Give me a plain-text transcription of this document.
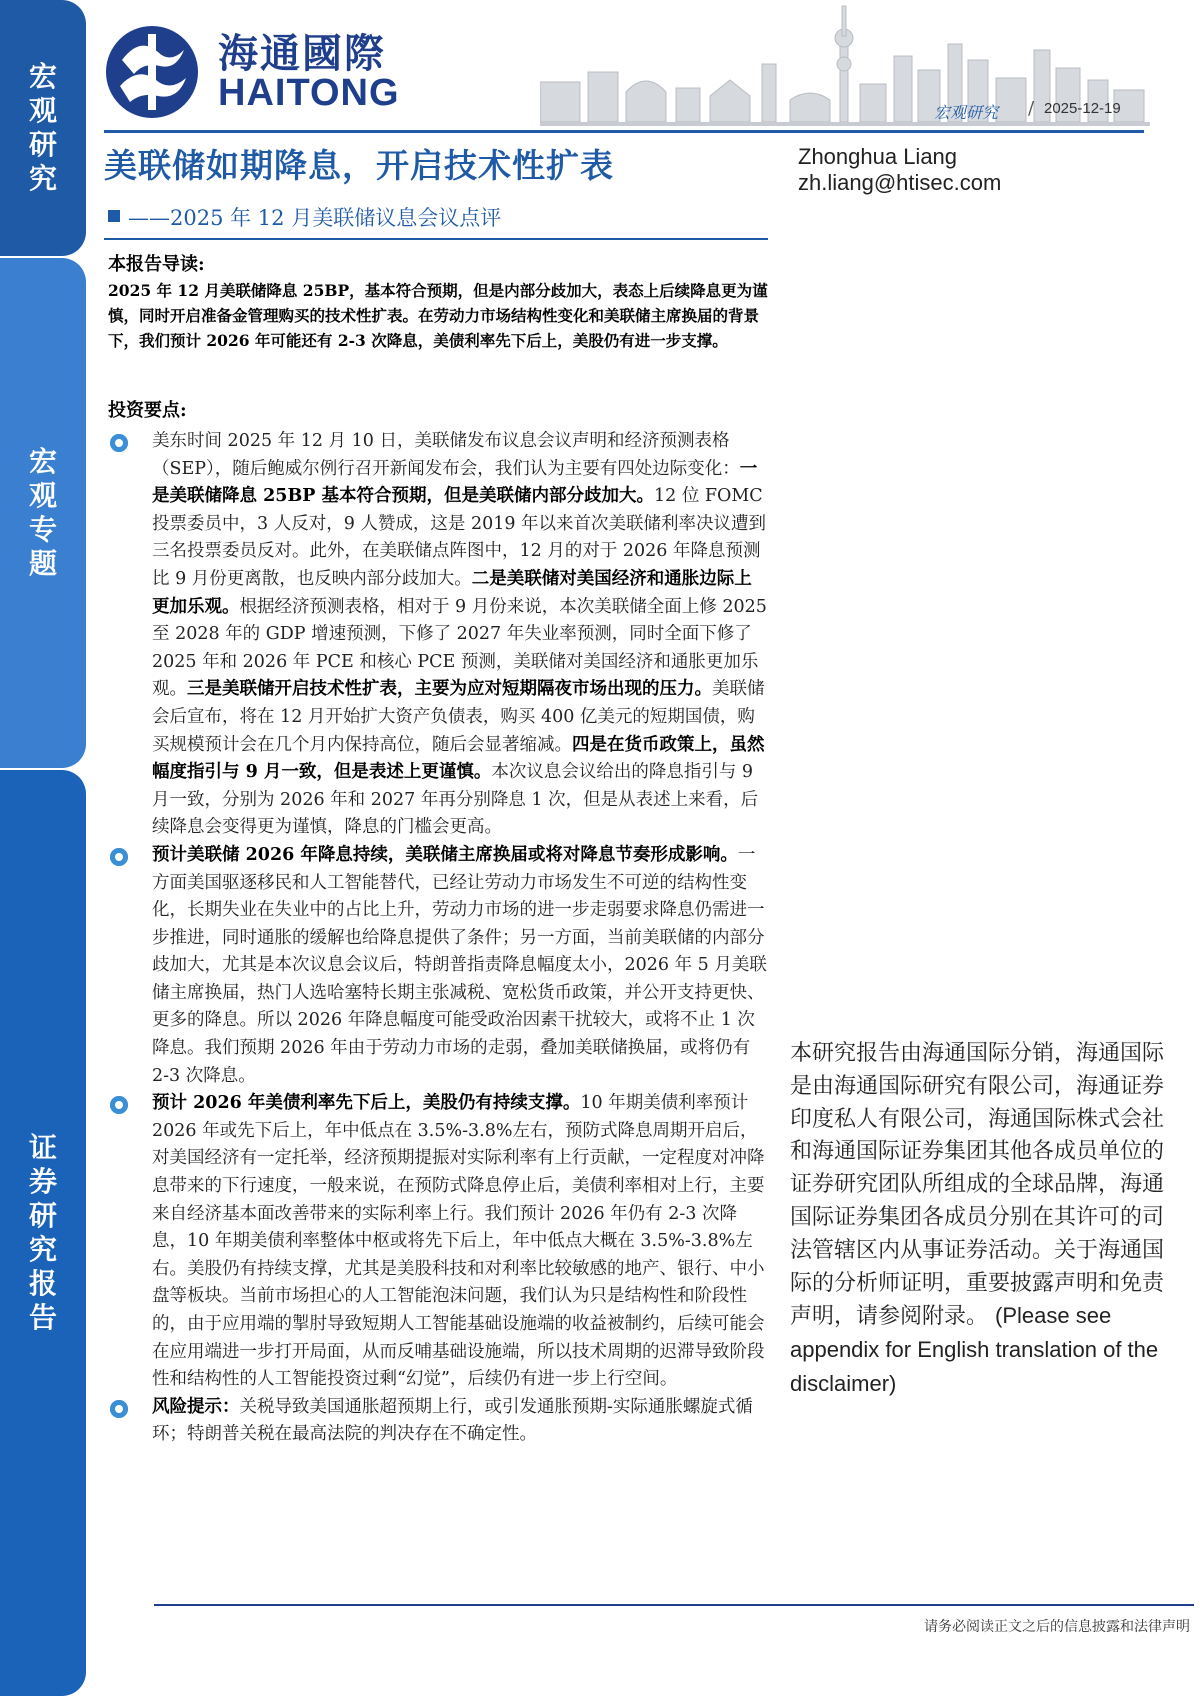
宏
观
研
究
宏
观
专
题
证
券
研
究
报
告
海通國際
HAITONG	宏观研究 / 2025-12-19
美联储如期降息，开启技术性扩表
——2025 年 12 月美联储议息会议点评
Zhonghua Liang
zh.liang@htisec.com
本报告导读:
2025 年 12 月美联储降息 25BP，基本符合预期，但是内部分歧加大，表态上后续降息更为谨慎，同时开启准备金管理购买的技术性扩表。在劳动力市场结构性变化和美联储主席换届的背景下，我们预计 2026 年可能还有 2-3 次降息，美债利率先下后上，美股仍有进一步支撑。
投资要点:
美东时间 2025 年 12 月 10 日，美联储发布议息会议声明和经济预测表格（SEP），随后鲍威尔例行召开新闻发布会，我们认为主要有四处边际变化：一是美联储降息 25BP 基本符合预期，但是美联储内部分歧加大。12 位 FOMC 投票委员中，3 人反对，9 人赞成，这是 2019 年以来首次美联储利率决议遭到三名投票委员反对。此外，在美联储点阵图中，12 月的对于 2026 年降息预测比 9 月份更离散，也反映内部分歧加大。二是美联储对美国经济和通胀边际上更加乐观。根据经济预测表格，相对于 9 月份来说，本次美联储全面上修 2025 至 2028 年的 GDP 增速预测，下修了 2027 年失业率预测，同时全面下修了 2025 年和 2026 年 PCE 和核心 PCE 预测，美联储对美国经济和通胀更加乐观。三是美联储开启技术性扩表，主要为应对短期隔夜市场出现的压力。美联储会后宣布，将在 12 月开始扩大资产负债表，购买 400 亿美元的短期国债，购买规模预计会在几个月内保持高位，随后会显著缩减。四是在货币政策上，虽然幅度指引与 9 月一致，但是表述上更谨慎。本次议息会议给出的降息指引与 9 月一致，分别为 2026 年和 2027 年再分别降息 1 次，但是从表述上来看，后续降息会变得更为谨慎，降息的门槛会更高。
预计美联储 2026 年降息持续，美联储主席换届或将对降息节奏形成影响。一方面美国驱逐移民和人工智能替代，已经让劳动力市场发生不可逆的结构性变化，长期失业在失业中的占比上升，劳动力市场的进一步走弱要求降息仍需进一步推进，同时通胀的缓解也给降息提供了条件；另一方面，当前美联储的内部分歧加大，尤其是本次议息会议后，特朗普指责降息幅度太小，2026 年 5 月美联储主席换届，热门人选哈塞特长期主张减税、宽松货币政策，并公开支持更快、更多的降息。所以 2026 年降息幅度可能受政治因素干扰较大，或将不止 1 次降息。我们预期 2026 年由于劳动力市场的走弱，叠加美联储换届，或将仍有 2-3 次降息。
预计 2026 年美债利率先下后上，美股仍有持续支撑。10 年期美债利率预计 2026 年或先下后上，年中低点在 3.5%-3.8%左右，预防式降息周期开启后，对美国经济有一定托举，经济预期提振对实际利率有上行贡献，一定程度对冲降息带来的下行速度，一般来说，在预防式降息停止后，美债利率相对上行，主要来自经济基本面改善带来的实际利率上行。我们预计 2026 年仍有 2-3 次降息，10 年期美债利率整体中枢或将先下后上，年中低点大概在 3.5%-3.8%左右。美股仍有持续支撑，尤其是美股科技和对利率比较敏感的地产、银行、中小盘等板块。当前市场担心的人工智能泡沫问题，我们认为只是结构性和阶段性的，由于应用端的掣肘导致短期人工智能基础设施端的收益被制约，后续可能会在应用端进一步打开局面，从而反哺基础设施端，所以技术周期的迟滞导致阶段性和结构性的人工智能投资过剩“幻觉”，后续仍有进一步上行空间。
风险提示：关税导致美国通胀超预期上行，或引发通胀预期-实际通胀螺旋式循环；特朗普关税在最高法院的判决存在不确定性。
本研究报告由海通国际分销，海通国际是由海通国际研究有限公司，海通证券印度私人有限公司，海通国际株式会社和海通国际证券集团其他各成员单位的证券研究团队所组成的全球品牌，海通国际证券集团各成员分别在其许可的司法管辖区内从事证券活动。关于海通国际的分析师证明，重要披露声明和免责声明，请参阅附录。 (Please see appendix for English translation of the disclaimer)
请务必阅读正文之后的信息披露和法律声明
